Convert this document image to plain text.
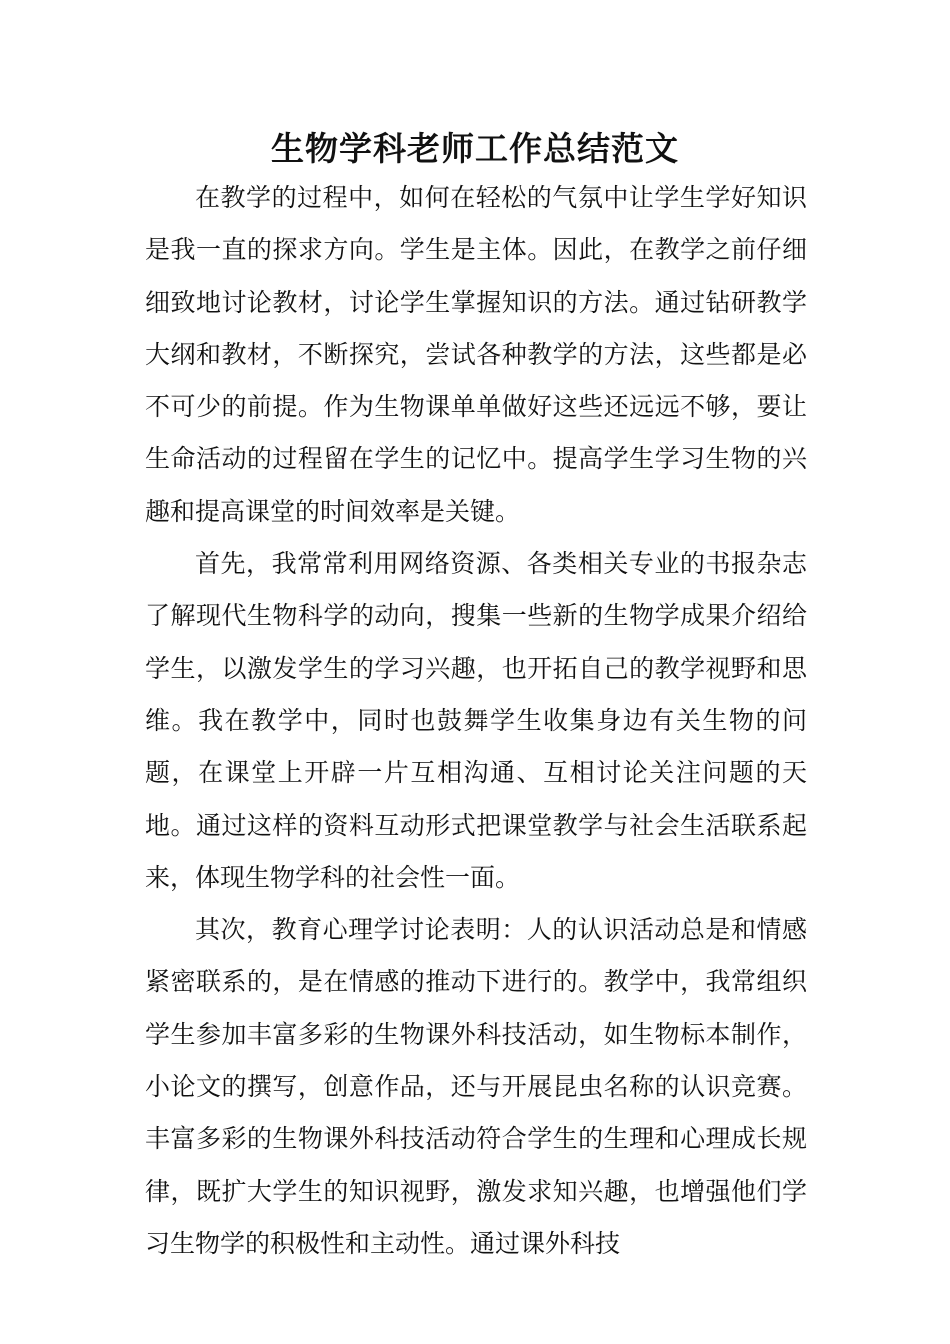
生物学科老师工作总结范文

在教学的过程中，如何在轻松的气氛中让学生学好知识是我一直的探求方向。学生是主体。因此，在教学之前仔细细致地讨论教材，讨论学生掌握知识的方法。通过钻研教学大纲和教材，不断探究，尝试各种教学的方法，这些都是必不可少的前提。作为生物课单单做好这些还远远不够，要让生命活动的过程留在学生的记忆中。提高学生学习生物的兴趣和提高课堂的时间效率是关键。

首先，我常常利用网络资源、各类相关专业的书报杂志了解现代生物科学的动向，搜集一些新的生物学成果介绍给学生，以激发学生的学习兴趣，也开拓自己的教学视野和思维。我在教学中，同时也鼓舞学生收集身边有关生物的问题，在课堂上开辟一片互相沟通、互相讨论关注问题的天地。通过这样的资料互动形式把课堂教学与社会生活联系起来，体现生物学科的社会性一面。

其次，教育心理学讨论表明：人的认识活动总是和情感紧密联系的，是在情感的推动下进行的。教学中，我常组织学生参加丰富多彩的生物课外科技活动，如生物标本制作，小论文的撰写，创意作品，还与开展昆虫名称的认识竞赛。丰富多彩的生物课外科技活动符合学生的生理和心理成长规律，既扩大学生的知识视野，激发求知兴趣，也增强他们学习生物学的积极性和主动性。通过课外科技
